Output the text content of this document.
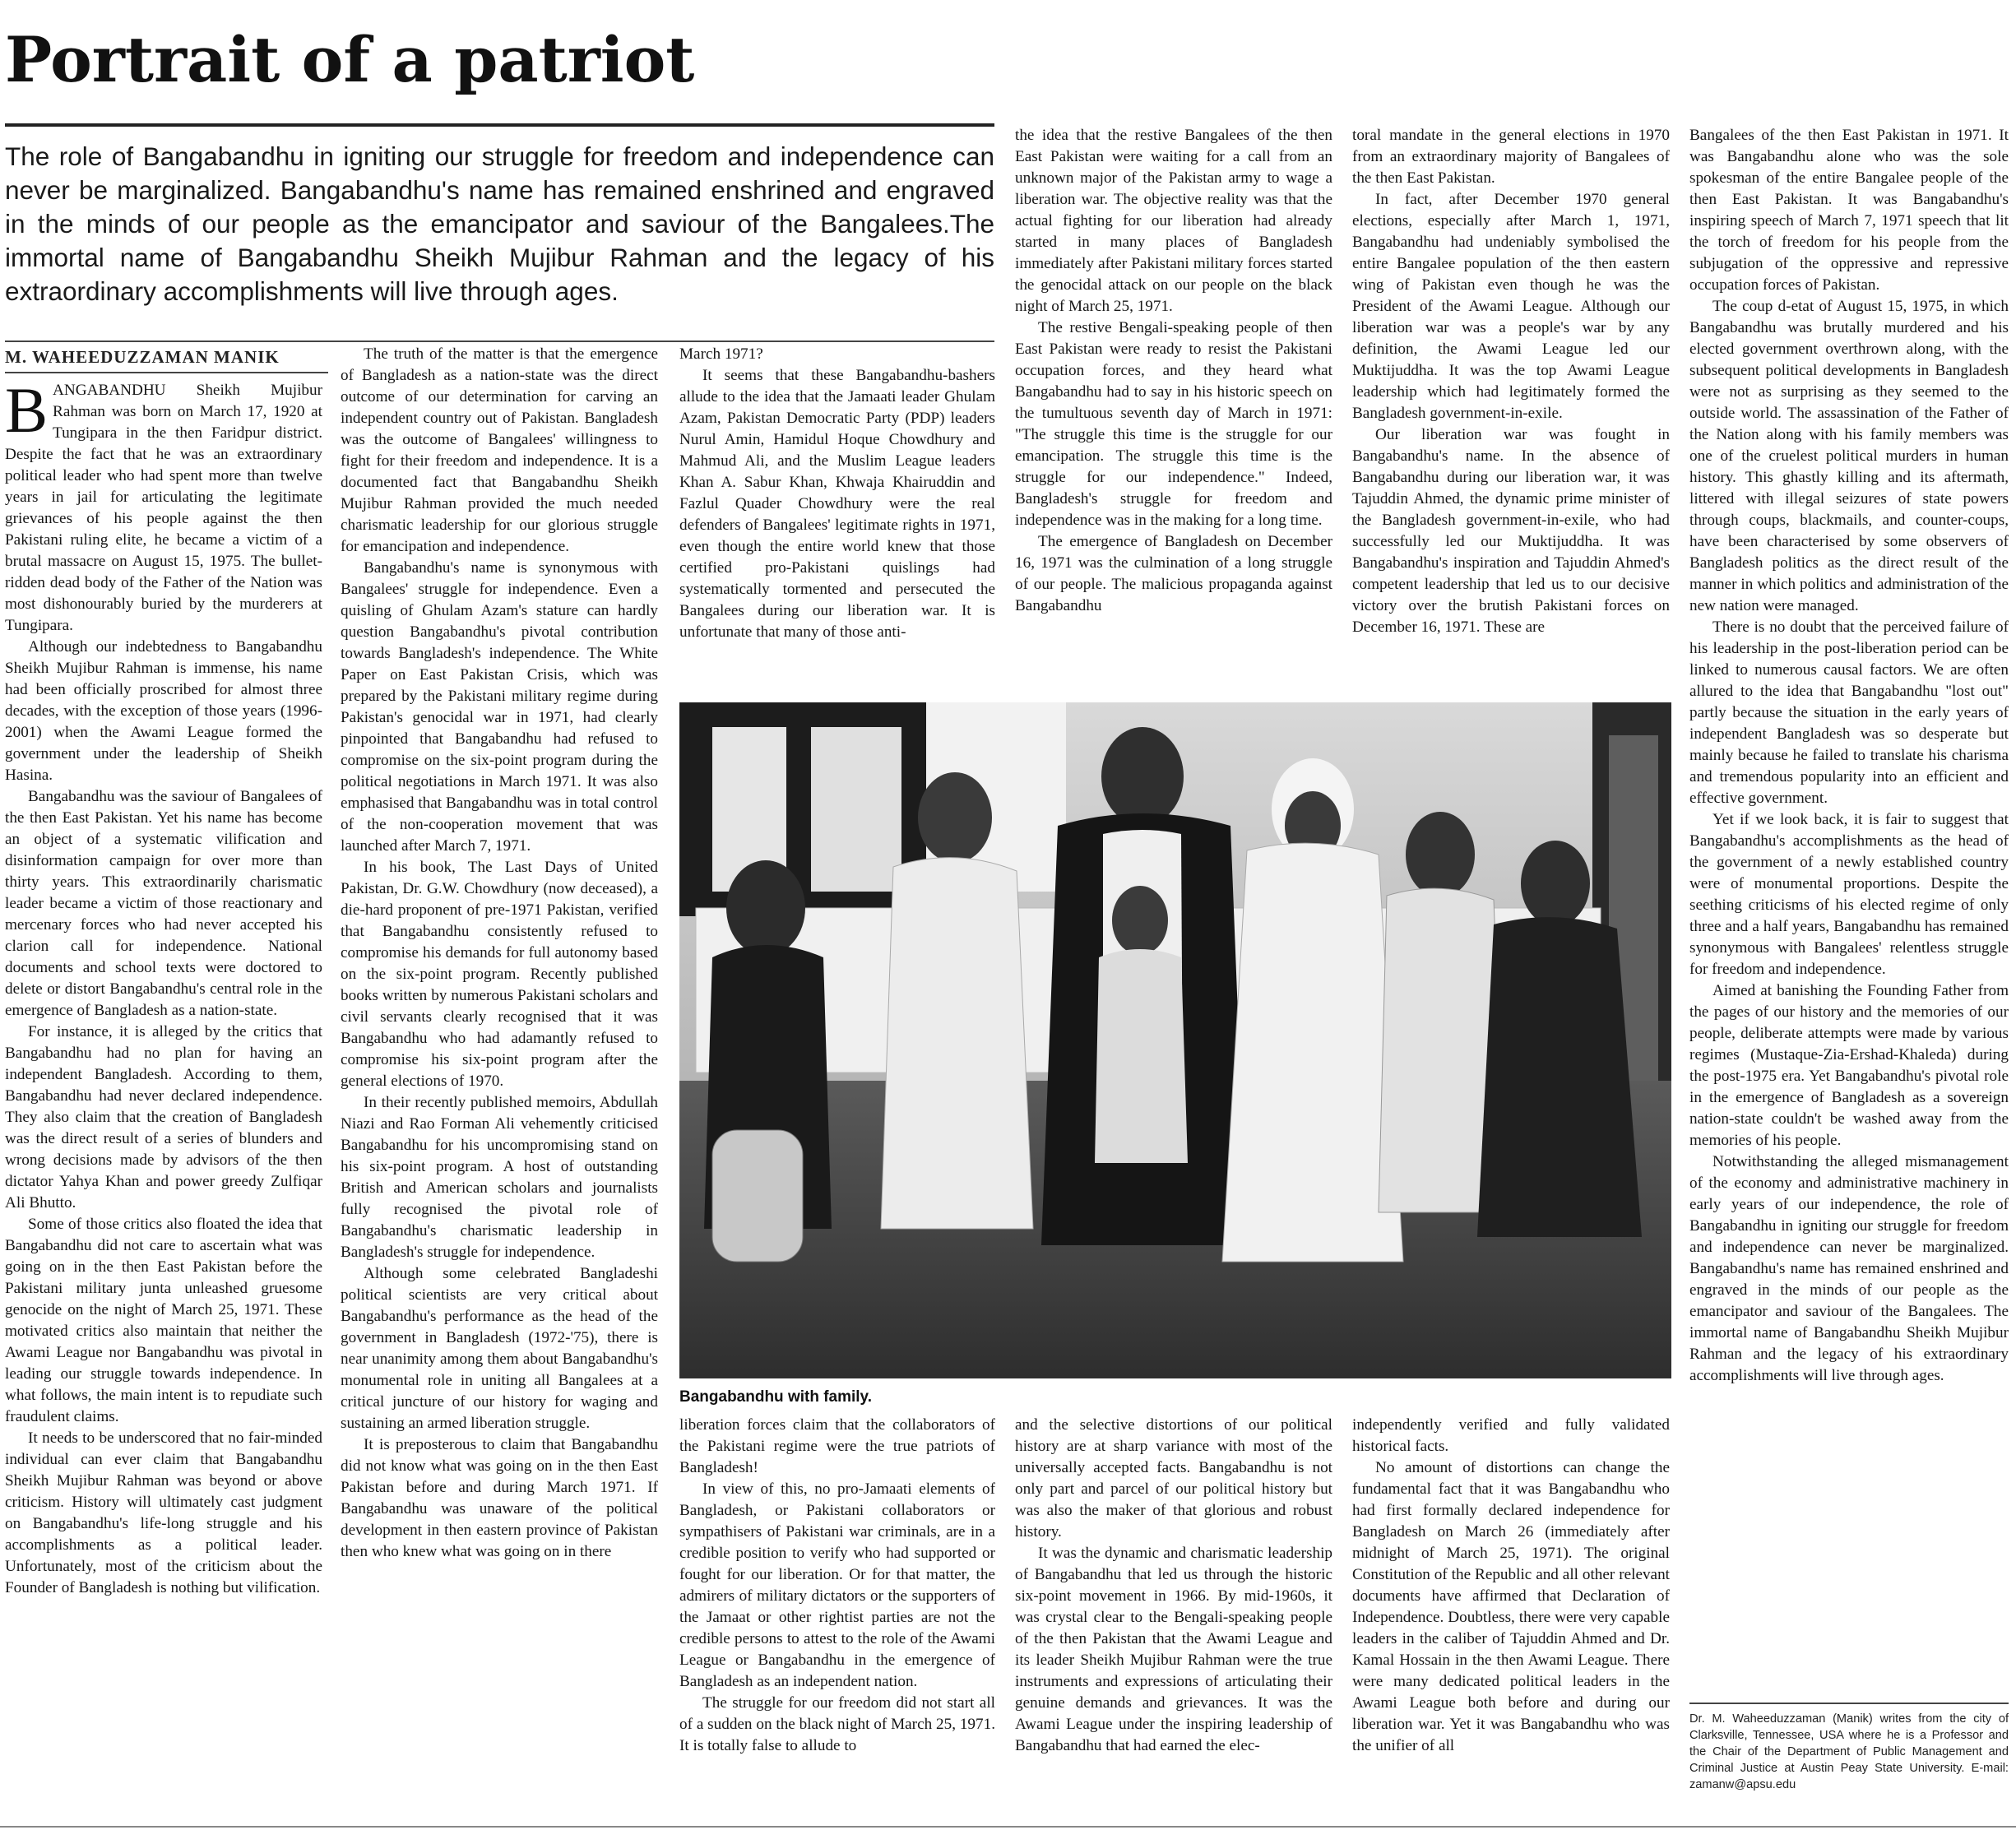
Portrait of a patriot

The role of Bangabandhu in igniting our struggle for freedom and independence can never be marginalized. Bangabandhu's name has remained enshrined and engraved in the minds of our people as the emancipator and saviour of the Bangalees.The immortal name of Bangabandhu Sheikh Mujibur Rahman and the legacy of his extraordinary accomplishments will live through ages.

M. WAHEEDUZZAMAN MANIK

BANGABANDHU Sheikh Mujibur Rahman was born on March 17, 1920 at Tungipara in the then Faridpur district. Despite the fact that he was an extraordinary political leader who had spent more than twelve years in jail for articulating the legitimate grievances of his people against the then Pakistani ruling elite, he became a victim of a brutal massacre on August 15, 1975. The bullet-ridden dead body of the Father of the Nation was most dishonourably buried by the murderers at Tungipara.

Although our indebtedness to Bangabandhu Sheikh Mujibur Rahman is immense, his name had been officially proscribed for almost three decades, with the exception of those years (1996-2001) when the Awami League formed the government under the leadership of Sheikh Hasina.

Bangabandhu was the saviour of Bangalees of the then East Pakistan. Yet his name has become an object of a systematic vilification and disinformation campaign for over more than thirty years. This extraordinarily charismatic leader became a victim of those reactionary and mercenary forces who had never accepted his clarion call for independence. National documents and school texts were doctored to delete or distort Bangabandhu's central role in the emergence of Bangladesh as a nation-state.

For instance, it is alleged by the critics that Bangabandhu had no plan for having an independent Bangladesh. According to them, Bangabandhu had never declared independence. They also claim that the creation of Bangladesh was the direct result of a series of blunders and wrong decisions made by advisors of the then dictator Yahya Khan and power greedy Zulfiqar Ali Bhutto.

Some of those critics also floated the idea that Bangabandhu did not care to ascertain what was going on in the then East Pakistan before the Pakistani military junta unleashed gruesome genocide on the night of March 25, 1971. These motivated critics also maintain that neither the Awami League nor Bangabandhu was pivotal in leading our struggle towards independence. In what follows, the main intent is to repudiate such fraudulent claims.

It needs to be underscored that no fair-minded individual can ever claim that Bangabandhu Sheikh Mujibur Rahman was beyond or above criticism. History will ultimately cast judgment on Bangabandhu's life-long struggle and his accomplishments as a political leader. Unfortunately, most of the criticism about the Founder of Bangladesh is nothing but vilification.

The truth of the matter is that the emergence of Bangladesh as a nation-state was the direct outcome of our determination for carving an independent country out of Pakistan. Bangladesh was the outcome of Bangalees' willingness to fight for their freedom and independence. It is a documented fact that Bangabandhu Sheikh Mujibur Rahman provided the much needed charismatic leadership for our glorious struggle for emancipation and independence.

Bangabandhu's name is synonymous with Bangalees' struggle for independence. Even a quisling of Ghulam Azam's stature can hardly question Bangabandhu's pivotal contribution towards Bangladesh's independence. The White Paper on East Pakistan Crisis, which was prepared by the Pakistani military regime during Pakistan's genocidal war in 1971, had clearly pinpointed that Bangabandhu had refused to compromise on the six-point program during the political negotiations in March 1971. It was also emphasised that Bangabandhu was in total control of the non-cooperation movement that was launched after March 7, 1971.

In his book, The Last Days of United Pakistan, Dr. G.W. Chowdhury (now deceased), a die-hard proponent of pre-1971 Pakistan, verified that Bangabandhu consistently refused to compromise his demands for full autonomy based on the six-point program. Recently published books written by numerous Pakistani scholars and civil servants clearly recognised that it was Bangabandhu who had adamantly refused to compromise his six-point program after the general elections of 1970.

In their recently published memoirs, Abdullah Niazi and Rao Forman Ali vehemently criticised Bangabandhu for his uncompromising stand on his six-point program. A host of outstanding British and American scholars and journalists fully recognised the pivotal role of Bangabandhu's charismatic leadership in Bangladesh's struggle for independence.

Although some celebrated Bangladeshi political scientists are very critical about Bangabandhu's performance as the head of the government in Bangladesh (1972-'75), there is near unanimity among them about Bangabandhu's monumental role in uniting all Bangalees at a critical juncture of our history for waging and sustaining an armed liberation struggle.

It is preposterous to claim that Bangabandhu did not know what was going on in the then East Pakistan before and during March 1971. If Bangabandhu was unaware of the political development in then eastern province of Pakistan then who knew what was going on in there

March 1971?

It seems that these Bangabandhu-bashers allude to the idea that the Jamaati leader Ghulam Azam, Pakistan Democratic Party (PDP) leaders Nurul Amin, Hamidul Hoque Chowdhury and Mahmud Ali, and the Muslim League leaders Khan A. Sabur Khan, Khwaja Khairuddin and Fazlul Quader Chowdhury were the real defenders of Bangalees' legitimate rights in 1971, even though the entire world knew that those certified pro-Pakistani quislings had systematically tormented and persecuted the Bangalees during our liberation war. It is unfortunate that many of those anti-

the idea that the restive Bangalees of the then East Pakistan were waiting for a call from an unknown major of the Pakistan army to wage a liberation war. The objective reality was that the actual fighting for our liberation had already started in many places of Bangladesh immediately after Pakistani military forces started the genocidal attack on our people on the black night of March 25, 1971.

The restive Bengali-speaking people of then East Pakistan were ready to resist the Pakistani occupation forces, and they heard what Bangabandhu had to say in his historic speech on the tumultuous seventh day of March in 1971: "The struggle this time is the struggle for our emancipation. The struggle this time is the struggle for our independence." Indeed, Bangladesh's struggle for freedom and independence was in the making for a long time.

The emergence of Bangladesh on December 16, 1971 was the culmination of a long struggle of our people. The malicious propaganda against Bangabandhu

toral mandate in the general elections in 1970 from an extraordinary majority of Bangalees of the then East Pakistan.

In fact, after December 1970 general elections, especially after March 1, 1971, Bangabandhu had undeniably symbolised the entire Bangalee population of the then eastern wing of Pakistan even though he was the President of the Awami League. Although our liberation war was a people's war by any definition, the Awami League led our Muktijuddha. It was the top Awami League leadership which had legitimately formed the Bangladesh government-in-exile.

Our liberation war was fought in Bangabandhu's name. In the absence of Bangabandhu during our liberation war, it was Tajuddin Ahmed, the dynamic prime minister of the Bangladesh government-in-exile, who had successfully led our Muktijuddha. It was Bangabandhu's inspiration and Tajuddin Ahmed's competent leadership that led us to our decisive victory over the brutish Pakistani forces on December 16, 1971. These are

Bangalees of the then East Pakistan in 1971. It was Bangabandhu alone who was the sole spokesman of the entire Bangalee people of the then East Pakistan. It was Bangabandhu's inspiring speech of March 7, 1971 speech that lit the torch of freedom for his people from the subjugation of the oppressive and repressive occupation forces of Pakistan.

The coup d-etat of August 15, 1975, in which Bangabandhu was brutally murdered and his elected government overthrown along, with the subsequent political developments in Bangladesh were not as surprising as they seemed to the outside world. The assassination of the Father of the Nation along with his family members was one of the cruelest political murders in human history. This ghastly killing and its aftermath, littered with illegal seizures of state powers through coups, blackmails, and counter-coups, have been characterised by some observers of Bangladesh politics as the direct result of the manner in which politics and administration of the new nation were managed.

There is no doubt that the perceived failure of his leadership in the post-liberation period can be linked to numerous causal factors. We are often allured to the idea that Bangabandhu "lost out" partly because the situation in the early years of independent Bangladesh was so desperate but mainly because he failed to translate his charisma and tremendous popularity into an efficient and effective government.

Yet if we look back, it is fair to suggest that Bangabandhu's accomplishments as the head of the government of a newly established country were of monumental proportions. Despite the seething criticisms of his elected regime of only three and a half years, Bangabandhu has remained synonymous with Bangalees' relentless struggle for freedom and independence.

Aimed at banishing the Founding Father from the pages of our history and the memories of our people, deliberate attempts were made by various regimes (Mustaque-Zia-Ershad-Khaleda) during the post-1975 era. Yet Bangabandhu's pivotal role in the emergence of Bangladesh as a sovereign nation-state couldn't be washed away from the memories of his people.

Notwithstanding the alleged mismanagement of the economy and administrative machinery in early years of our independence, the role of Bangabandhu in igniting our struggle for freedom and independence can never be marginalized. Bangabandhu's name has remained enshrined and engraved in the minds of our people as the emancipator and saviour of the Bangalees. The immortal name of Bangabandhu Sheikh Mujibur Rahman and the legacy of his extraordinary accomplishments will live through ages.

Bangabandhu with family.

liberation forces claim that the collaborators of the Pakistani regime were the true patriots of Bangladesh!

In view of this, no pro-Jamaati elements of Bangladesh, or Pakistani collaborators or sympathisers of Pakistani war criminals, are in a credible position to verify who had supported or fought for our liberation. Or for that matter, the admirers of military dictators or the supporters of the Jamaat or other rightist parties are not the credible persons to attest to the role of the Awami League or Bangabandhu in the emergence of Bangladesh as an independent nation.

The struggle for our freedom did not start all of a sudden on the black night of March 25, 1971. It is totally false to allude to

and the selective distortions of our political history are at sharp variance with most of the universally accepted facts. Bangabandhu is not only part and parcel of our political history but was also the maker of that glorious and robust history.

It was the dynamic and charismatic leadership of Bangabandhu that led us through the historic six-point movement in 1966. By mid-1960s, it was crystal clear to the Bengali-speaking people of the then Pakistan that the Awami League and its leader Sheikh Mujibur Rahman were the true instruments and expressions of articulating their genuine demands and grievances. It was the Awami League under the inspiring leadership of Bangabandhu that had earned the elec-

independently verified and fully validated historical facts.

No amount of distortions can change the fundamental fact that it was Bangabandhu who had first formally declared independence for Bangladesh on March 26 (immediately after midnight of March 25, 1971). The original Constitution of the Republic and all other relevant documents have affirmed that Declaration of Independence. Doubtless, there were very capable leaders in the caliber of Tajuddin Ahmed and Dr. Kamal Hossain in the then Awami League. There were many dedicated political leaders in the Awami League both before and during our liberation war. Yet it was Bangabandhu who was the unifier of all

Dr. M. Waheeduzzaman (Manik) writes from the city of Clarksville, Tennessee, USA where he is a Professor and the Chair of the Department of Public Management and Criminal Justice at Austin Peay State University. E-mail: zamanw@apsu.edu
